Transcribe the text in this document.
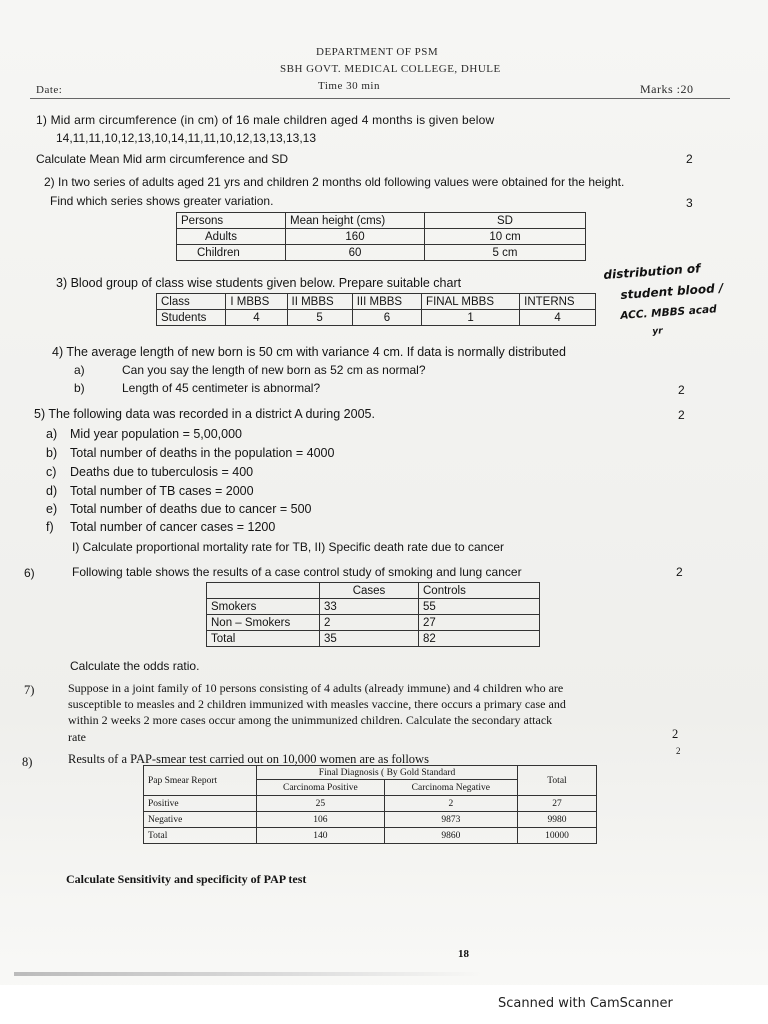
DEPARTMENT OF PSM
SBH GOVT. MEDICAL COLLEGE, DHULE
Date:	Time 30 min	Marks :20
1) Mid arm circumference (in cm) of 16 male children aged 4 months is given below
14,11,11,10,12,13,10,14,11,11,10,12,13,13,13,13
Calculate Mean Mid arm circumference and SD	2
2) In two series of adults aged 21 yrs and children 2 months old following values were obtained for the height.
Find which series shows greater variation.	3
Persons	Mean height (cms)	SD
Adults	160	10 cm
Children	60	5 cm
3) Blood group of class wise students given below. Prepare suitable chart
Class	I MBBS	II MBBS	III MBBS	FINAL MBBS	INTERNS
Students	4	5	6	1	4
distribution of
student blood /
ACC. MBBS acad
yr
4) The average length of new born is 50 cm with variance 4 cm. If data is normally distributed
a)	Can you say the length of new born as 52 cm as normal?
b)	Length of 45 centimeter is abnormal?	2
5) The following data was recorded in a district A during 2005.	2
a) Mid year population = 5,00,000
b) Total number of deaths in the population = 4000
c) Deaths due to tuberculosis = 400
d) Total number of TB cases = 2000
e) Total number of deaths due to cancer = 500
f) Total number of cancer cases = 1200
I) Calculate proportional mortality rate for TB, II) Specific death rate due to cancer
6)	Following table shows the results of a case control study of smoking and lung cancer	2
	Cases	Controls
Smokers	33	55
Non – Smokers	2	27
Total	35	82
Calculate the odds ratio.
7)	Suppose in a joint family of 10 persons consisting of 4 adults (already immune) and 4 children who are
susceptible to measles and 2 children immunized with measles vaccine, there occurs a primary case and
within 2 weeks 2 more cases occur among the unimmunized children. Calculate the secondary attack
rate	2
8)	Results of a PAP-smear test carried out on 10,000 women are as follows
2
Pap Smear Report	Final Diagnosis ( By Gold Standard		Total
	Carcinoma Positive	Carcinoma Negative	
Positive	25	2	27
Negative	106	9873	9980
Total	140	9860	10000
Calculate Sensitivity and specificity of PAP test
18
Scanned with CamScanner
